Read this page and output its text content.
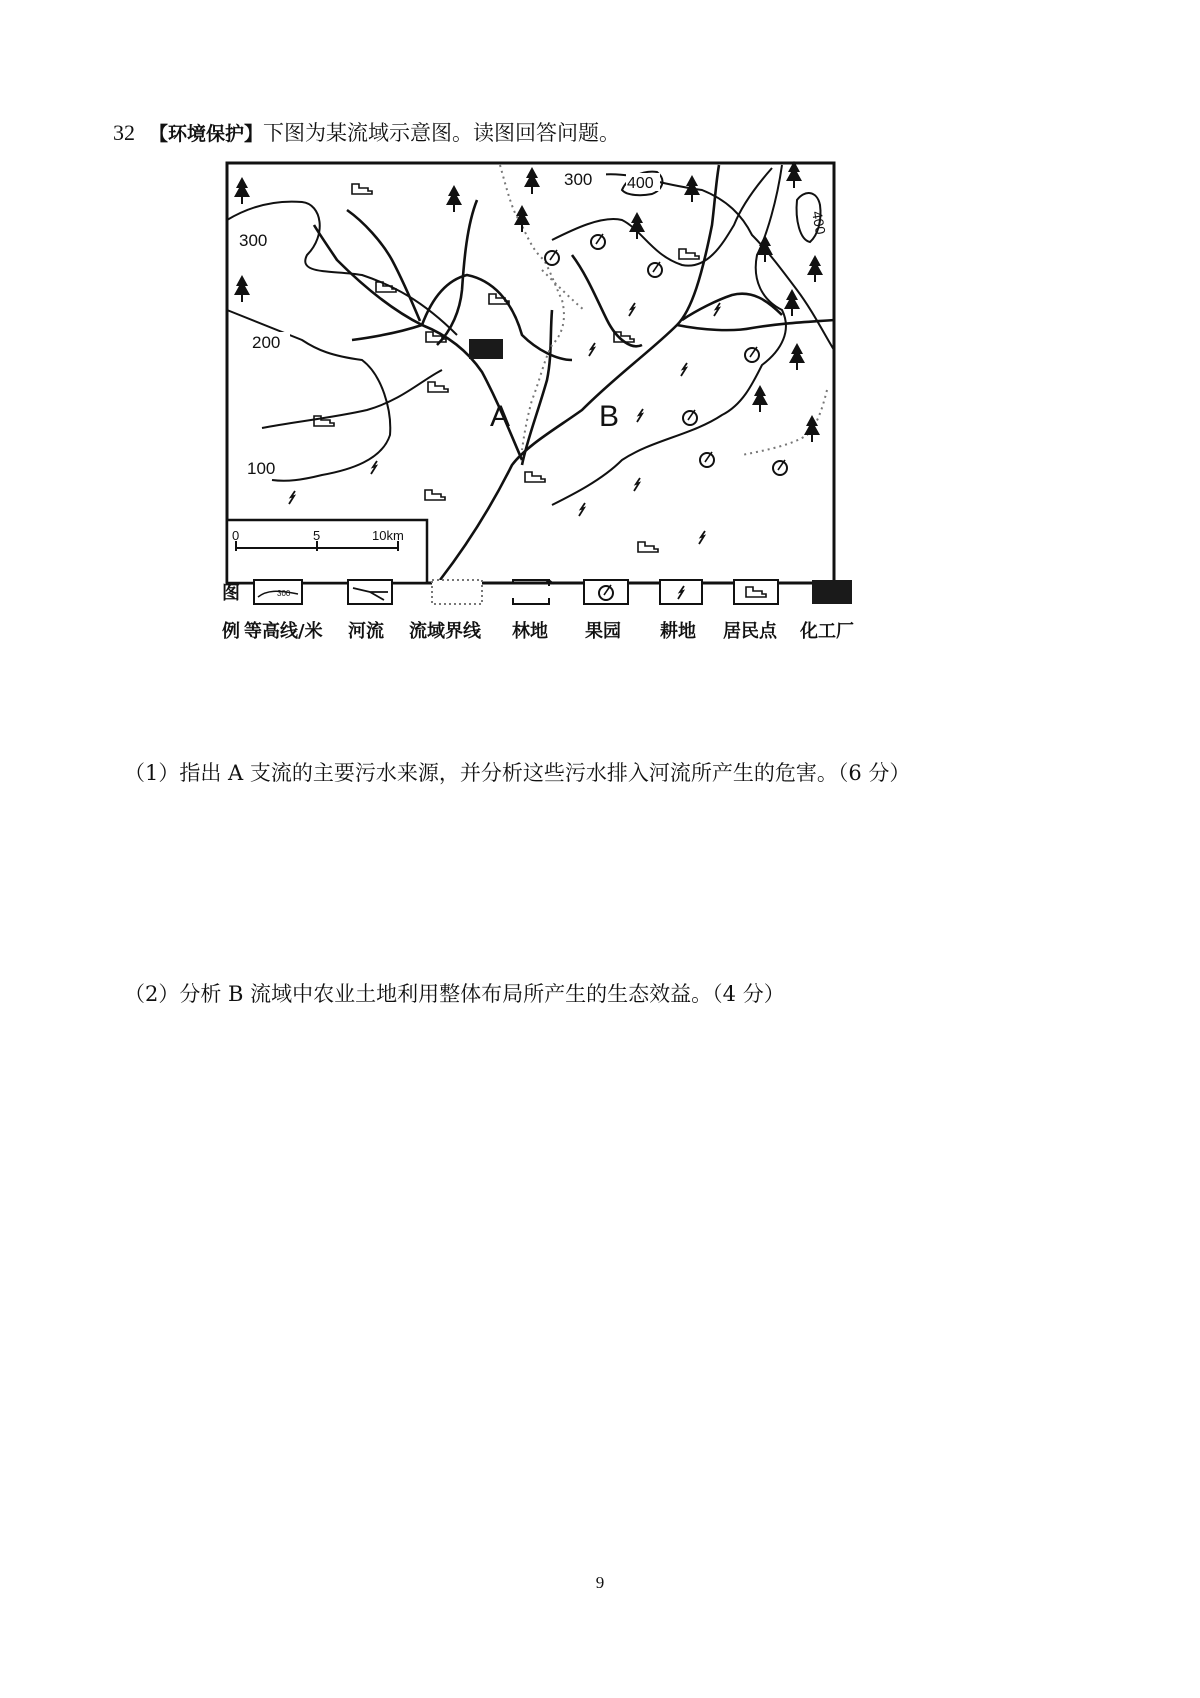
32 【环境保护】下图为某流域示意图。读图回答问题。
300 400
400
300
200
100
A	B
0	5	10km
图
例
300
等高线/米 河流 流域界线 林地 果园 耕地 居民点 化工厂
（1）指出 A 支流的主要污水来源，并分析这些污水排入河流所产生的危害。（6 分）
（2）分析 B 流域中农业土地利用整体布局所产生的生态效益。（4 分）
9
